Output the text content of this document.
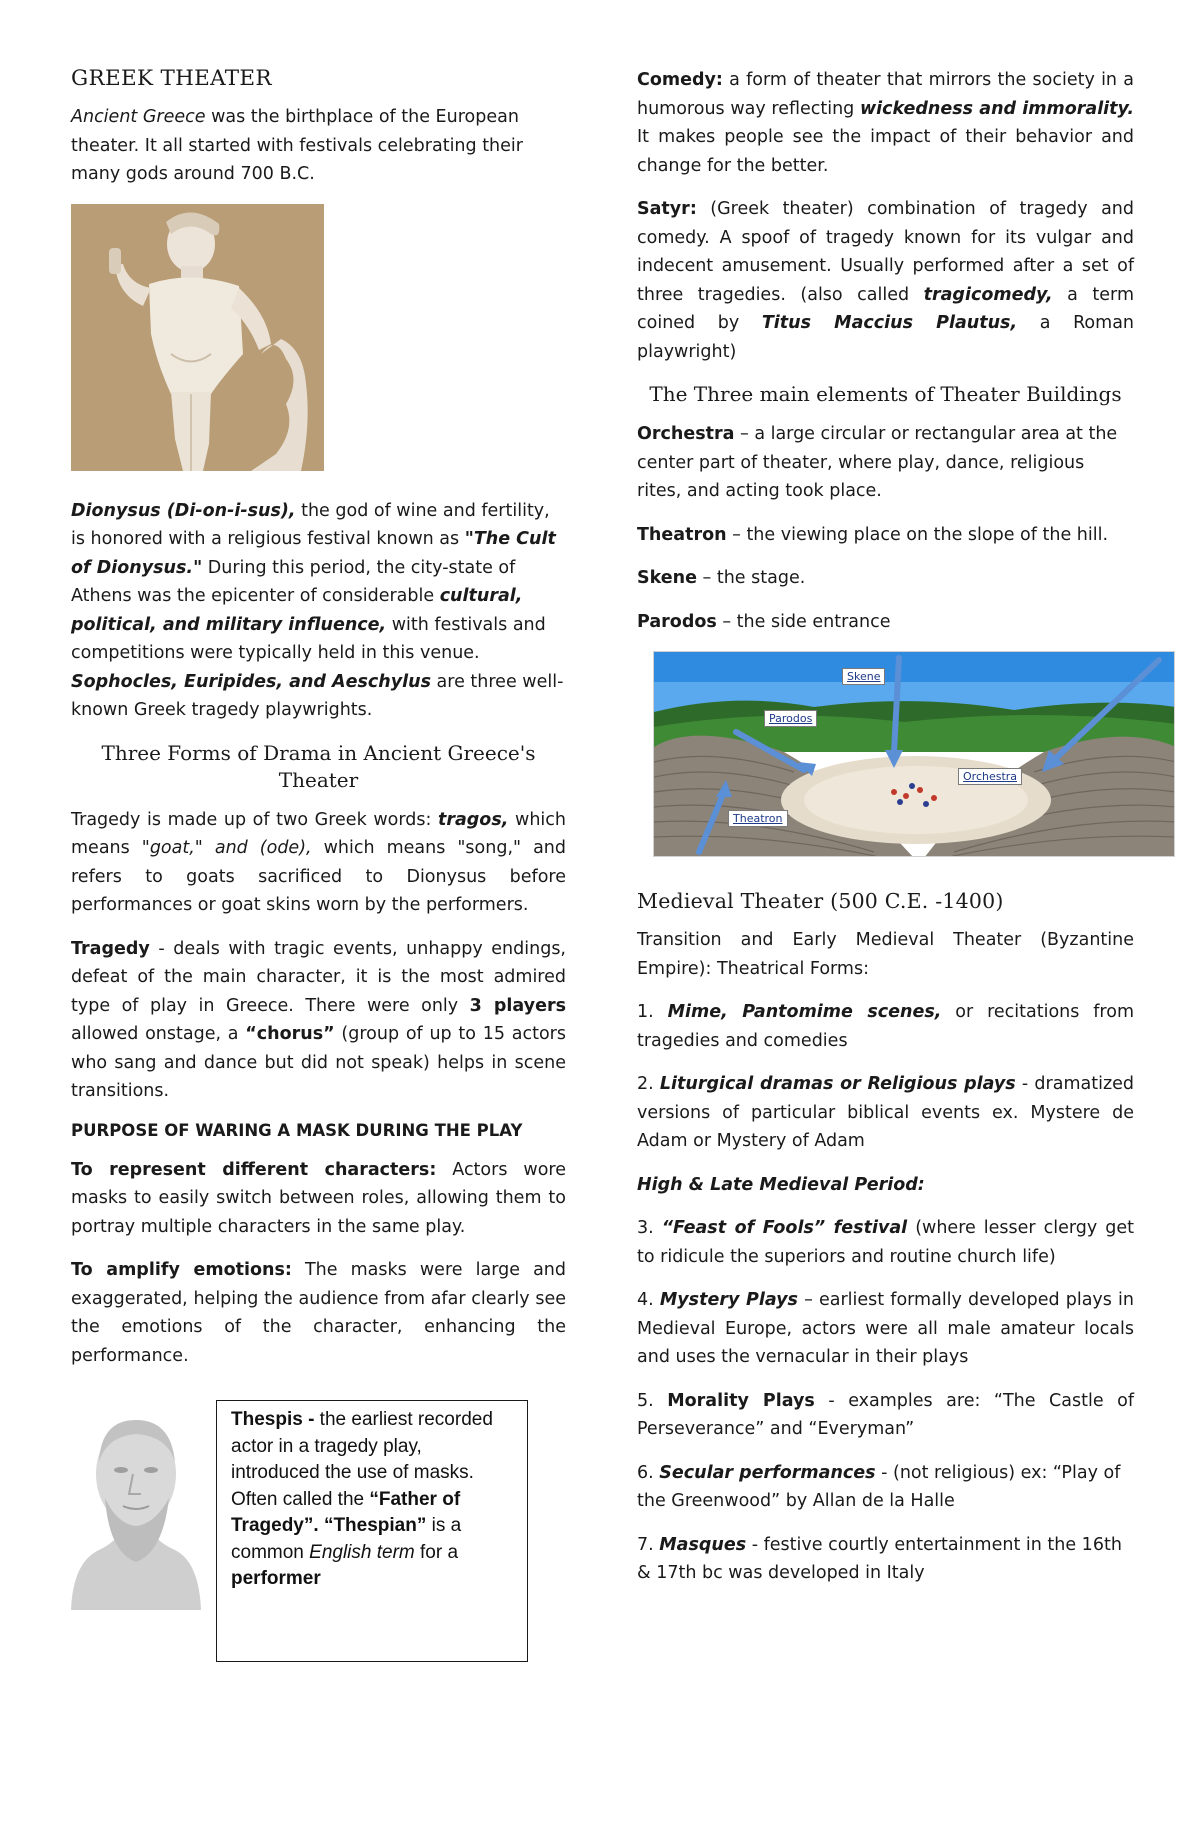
GREEK THEATER

Ancient Greece was the birthplace of the European theater. It all started with festivals celebrating their many gods around 700 B.C.

Dionysus (Di-on-i-sus), the god of wine and fertility, is honored with a religious festival known as "The Cult of Dionysus." During this period, the city-state of Athens was the epicenter of considerable cultural, political, and military influence, with festivals and competitions were typically held in this venue. Sophocles, Euripides, and Aeschylus are three well-known Greek tragedy playwrights.

Three Forms of Drama in Ancient Greece's Theater

Tragedy is made up of two Greek words: tragos, which means "goat," and (ode), which means "song," and refers to goats sacrificed to Dionysus before performances or goat skins worn by the performers.

Tragedy - deals with tragic events, unhappy endings, defeat of the main character, it is the most admired type of play in Greece. There were only 3 players allowed onstage, a “chorus” (group of up to 15 actors who sang and dance but did not speak) helps in scene transitions.

PURPOSE OF WARING A MASK DURING THE PLAY

To represent different characters: Actors wore masks to easily switch between roles, allowing them to portray multiple characters in the same play.

To amplify emotions: The masks were large and exaggerated, helping the audience from afar clearly see the emotions of the character, enhancing the performance.

Thespis - the earliest recorded actor in a tragedy play, introduced the use of masks. Often called the “Father of Tragedy”. “Thespian” is a common English term for a performer

Comedy: a form of theater that mirrors the society in a humorous way reflecting wickedness and immorality. It makes people see the impact of their behavior and change for the better.

Satyr: (Greek theater) combination of tragedy and comedy. A spoof of tragedy known for its vulgar and indecent amusement. Usually performed after a set of three tragedies. (also called tragicomedy, a term coined by Titus Maccius Plautus, a Roman playwright)

The Three main elements of Theater Buildings

Orchestra – a large circular or rectangular area at the center part of theater, where play, dance, religious rites, and acting took place.

Theatron – the viewing place on the slope of the hill.

Skene – the stage.

Parodos – the side entrance

Skene
Parodos
Orchestra
Theatron
Medieval Theater (500 C.E. -1400)

Transition and Early Medieval Theater (Byzantine Empire): Theatrical Forms:

1. Mime, Pantomime scenes, or recitations from tragedies and comedies

2. Liturgical dramas or Religious plays - dramatized versions of particular biblical events ex. Mystere de Adam or Mystery of Adam

High & Late Medieval Period:

3. “Feast of Fools” festival (where lesser clergy get to ridicule the superiors and routine church life)

4. Mystery Plays – earliest formally developed plays in Medieval Europe, actors were all male amateur locals and uses the vernacular in their plays

5. Morality Plays - examples are: “The Castle of Perseverance” and “Everyman”

6. Secular performances - (not religious) ex: “Play of the Greenwood” by Allan de la Halle

7. Masques - festive courtly entertainment in the 16th & 17th bc was developed in Italy
